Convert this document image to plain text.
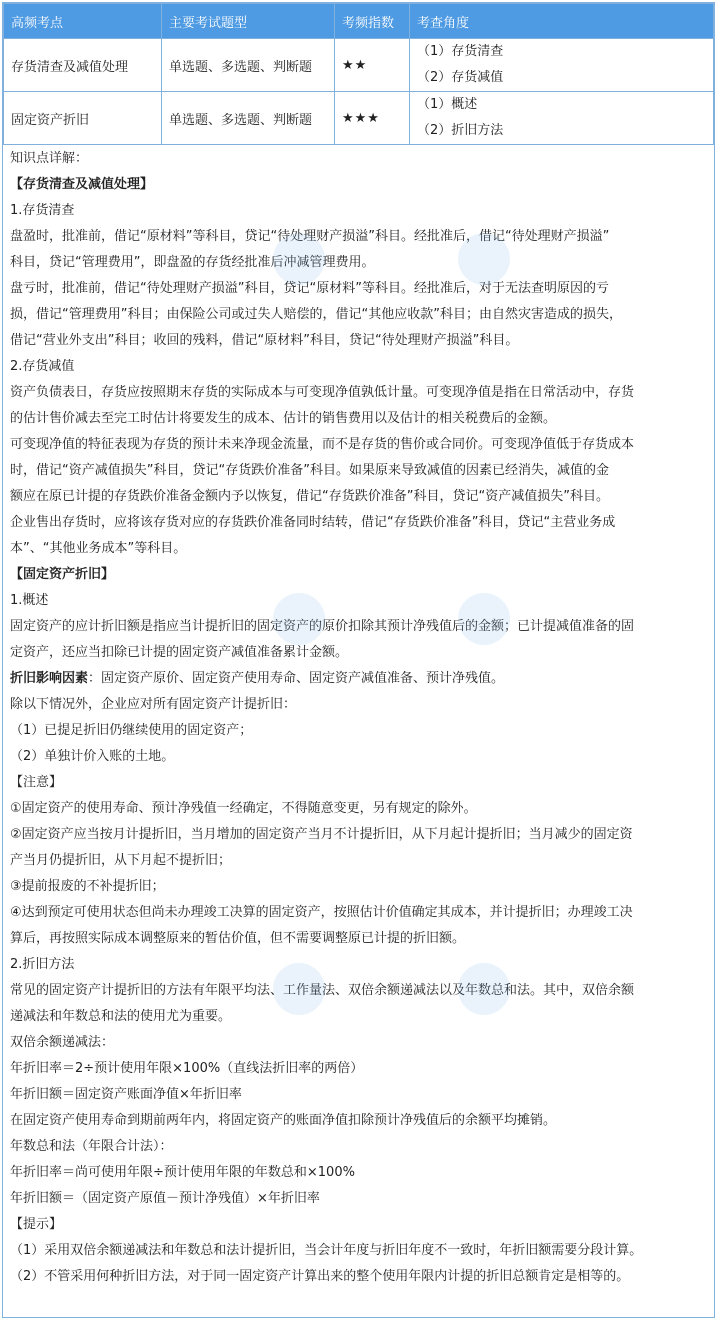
高频考点	主要考试题型	考频指数	考查角度
存货清查及减值处理	单选题、多选题、判断题	★★	（1）存货清查
（2）存货减值

固定资产折旧	单选题、多选题、判断题	★★★	（1）概述
（2）折旧方法
知识点详解：
【存货清查及减值处理】
1.存货清查
盘盈时，批准前，借记“原材料”等科目，贷记“待处理财产损溢”科目。经批准后，借记“待处理财产损溢”
科目，贷记“管理费用”，即盘盈的存货经批准后冲减管理费用。
盘亏时，批准前，借记“待处理财产损溢”科目，贷记“原材料”等科目。经批准后，对于无法查明原因的亏
损，借记“管理费用”科目；由保险公司或过失人赔偿的，借记“其他应收款”科目；由自然灾害造成的损失，
借记“营业外支出”科目；收回的残料，借记“原材料”科目，贷记“待处理财产损溢”科目。
2.存货减值
资产负债表日，存货应按照期末存货的实际成本与可变现净值孰低计量。可变现净值是指在日常活动中，存货
的估计售价减去至完工时估计将要发生的成本、估计的销售费用以及估计的相关税费后的金额。
可变现净值的特征表现为存货的预计未来净现金流量，而不是存货的售价或合同价。可变现净值低于存货成本
时，借记“资产减值损失”科目，贷记“存货跌价准备”科目。如果原来导致减值的因素已经消失，减值的金
额应在原已计提的存货跌价准备金额内予以恢复，借记“存货跌价准备”科目，贷记“资产减值损失”科目。
企业售出存货时，应将该存货对应的存货跌价准备同时结转，借记“存货跌价准备”科目，贷记“主营业务成
本”、“其他业务成本”等科目。
【固定资产折旧】
1.概述
固定资产的应计折旧额是指应当计提折旧的固定资产的原价扣除其预计净残值后的金额；已计提减值准备的固
定资产，还应当扣除已计提的固定资产减值准备累计金额。
折旧影响因素：固定资产原价、固定资产使用寿命、固定资产减值准备、预计净残值。
除以下情况外，企业应对所有固定资产计提折旧：
（1）已提足折旧仍继续使用的固定资产；
（2）单独计价入账的土地。
【注意】
①固定资产的使用寿命、预计净残值一经确定，不得随意变更，另有规定的除外。
②固定资产应当按月计提折旧，当月增加的固定资产当月不计提折旧，从下月起计提折旧；当月减少的固定资
产当月仍提折旧，从下月起不提折旧；
③提前报废的不补提折旧；
④达到预定可使用状态但尚未办理竣工决算的固定资产，按照估计价值确定其成本，并计提折旧；办理竣工决
算后，再按照实际成本调整原来的暂估价值，但不需要调整原已计提的折旧额。
2.折旧方法
常见的固定资产计提折旧的方法有年限平均法、工作量法、双倍余额递减法以及年数总和法。其中，双倍余额
递减法和年数总和法的使用尤为重要。
双倍余额递减法：
年折旧率＝2÷预计使用年限×100%（直线法折旧率的两倍）
年折旧额＝固定资产账面净值×年折旧率
在固定资产使用寿命到期前两年内，将固定资产的账面净值扣除预计净残值后的余额平均摊销。
年数总和法（年限合计法）：
年折旧率＝尚可使用年限÷预计使用年限的年数总和×100%
年折旧额＝（固定资产原值－预计净残值）×年折旧率
【提示】
（1）采用双倍余额递减法和年数总和法计提折旧，当会计年度与折旧年度不一致时，年折旧额需要分段计算。
（2）不管采用何种折旧方法，对于同一固定资产计算出来的整个使用年限内计提的折旧总额肯定是相等的。
